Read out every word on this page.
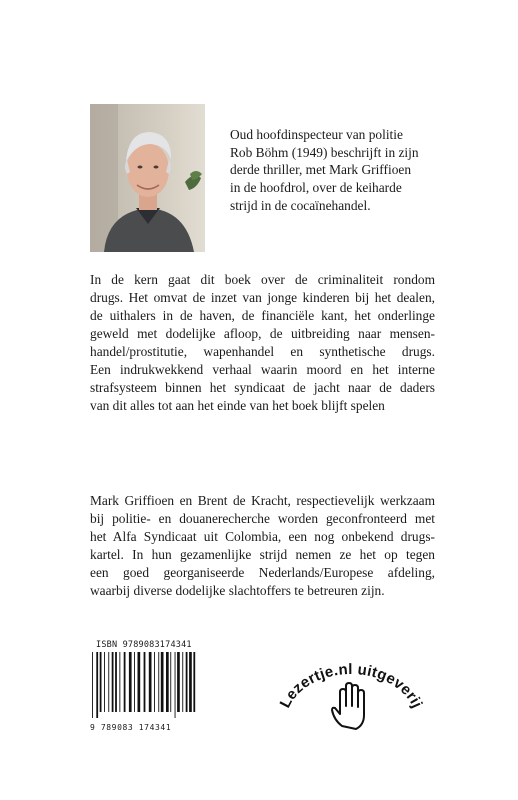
Oud hoofdinspecteur van politie
Rob Böhm (1949) beschrijft in zijn
derde thriller, met Mark Griffioen
in de hoofdrol, over de keiharde
strijd in de cocaïnehandel.
In de kern gaat dit boek over de criminaliteit rondom
drugs. Het omvat de inzet van jonge kinderen bij het dealen,
de uithalers in de haven, de financiële kant, het onderlinge
geweld met dodelijke afloop, de uitbreiding naar mensen-
handel/prostitutie, wapenhandel en synthetische drugs.
Een indrukwekkend verhaal waarin moord en het interne
strafsysteem binnen het syndicaat de jacht naar de daders
van dit alles tot aan het einde van het boek blijft spelen
Mark Griffioen en Brent de Kracht, respectievelijk werkzaam
bij politie- en douanerecherche worden geconfronteerd met
het Alfa Syndicaat uit Colombia, een nog onbekend drugs-
kartel. In hun gezamenlijke strijd nemen ze het op tegen
een goed georganiseerde Nederlands/Europese afdeling,
waarbij diverse dodelijke slachtoffers te betreuren zijn.
ISBN 9789083174341
9 789083 174341
Lezertje.nl uitgeverij
